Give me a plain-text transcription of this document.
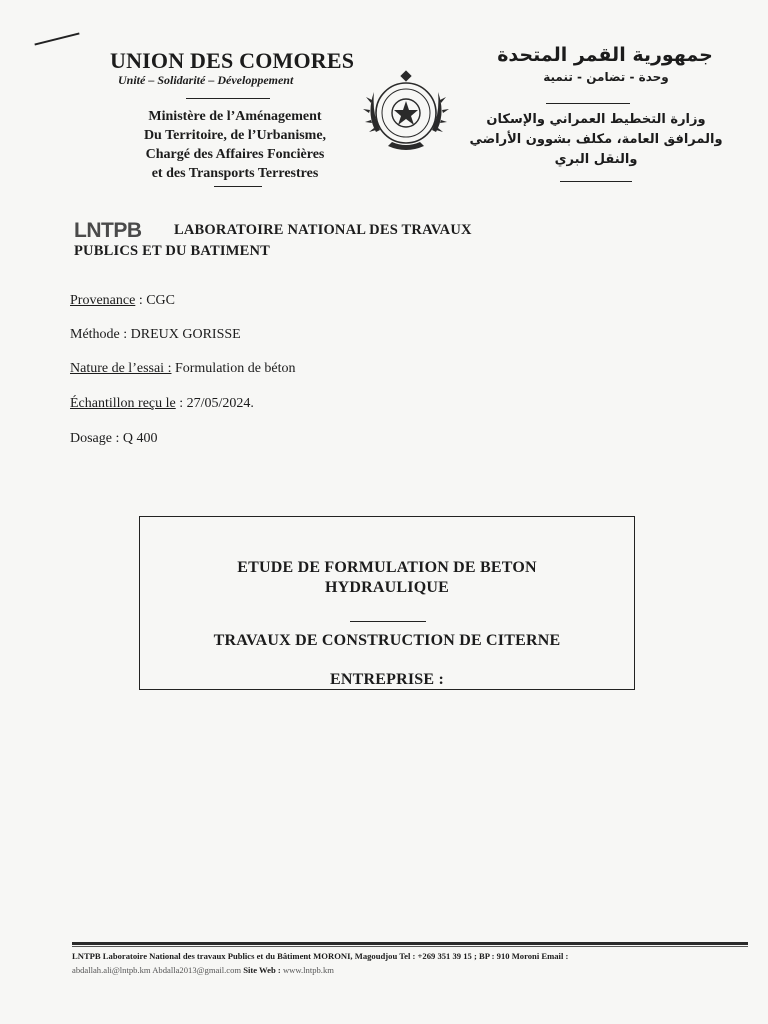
UNION DES COMORES
Unité – Solidarité – Développement
Ministère de l’Aménagement
Du Territoire, de l’Urbanisme,
Chargé des Affaires Foncières
et des Transports Terrestres
جمهورية القمر المتحدة
وحدة - تضامن - تنمية
وزارة التخطيط العمراني والإسكان
والمرافق العامة، مكلف بشوون الأراضي
والنقل البري
LNTPB LABORATOIRE NATIONAL DES TRAVAUX
PUBLICS ET DU BATIMENT
Provenance : CGC
Méthode : DREUX GORISSE
Nature de l’essai : Formulation de béton
Échantillon reçu le : 27/05/2024.
Dosage : Q 400
ETUDE DE FORMULATION DE BETON
HYDRAULIQUE
TRAVAUX DE CONSTRUCTION DE CITERNE
ENTREPRISE :
LNTPB Laboratoire National des travaux Publics et du Bâtiment MORONI, Magoudjou Tel : +269 351 39 15 ; BP : 910 Moroni Email :
abdallah.ali@lntpb.km Abdalla2013@gmail.com Site Web : www.lntpb.km
